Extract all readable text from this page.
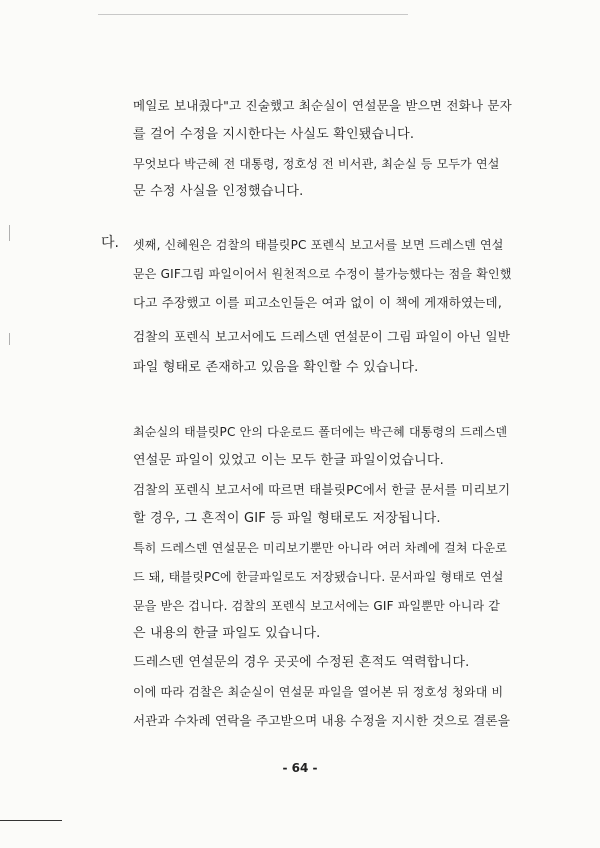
메일로 보내줬다"고 진술했고 최순실이 연설문을 받으면 전화나 문자
를 걸어 수정을 지시한다는 사실도 확인됐습니다.
무엇보다 박근혜 전 대통령, 정호성 전 비서관, 최순실 등 모두가 연설
문 수정 사실을 인정했습니다.
다. 셋째, 신혜원은 검찰의 태블릿PC 포렌식 보고서를 보면 드레스덴 연설
문은 GIF그림 파일이어서 원천적으로 수정이 불가능했다는 점을 확인했
다고 주장했고 이를 피고소인들은 여과 없이 이 책에 게재하였는데,
검찰의 포렌식 보고서에도 드레스덴 연설문이 그림 파일이 아닌 일반
파일 형태로 존재하고 있음을 확인할 수 있습니다.
최순실의 태블릿PC 안의 다운로드 폴더에는 박근혜 대통령의 드레스덴
연설문 파일이 있었고 이는 모두 한글 파일이었습니다.
검찰의 포렌식 보고서에 따르면 태블릿PC에서 한글 문서를 미리보기
할 경우, 그 흔적이 GIF 등 파일 형태로도 저장됩니다.
특히 드레스덴 연설문은 미리보기뿐만 아니라 여러 차례에 걸쳐 다운로
드 돼, 태블릿PC에 한글파일로도 저장됐습니다. 문서파일 형태로 연설
문을 받은 겁니다. 검찰의 포렌식 보고서에는 GIF 파일뿐만 아니라 같
은 내용의 한글 파일도 있습니다.
드레스덴 연설문의 경우 곳곳에 수정된 흔적도 역력합니다.
이에 따라 검찰은 최순실이 연설문 파일을 열어본 뒤 정호성 청와대 비
서관과 수차례 연락을 주고받으며 내용 수정을 지시한 것으로 결론을
- 64 -
